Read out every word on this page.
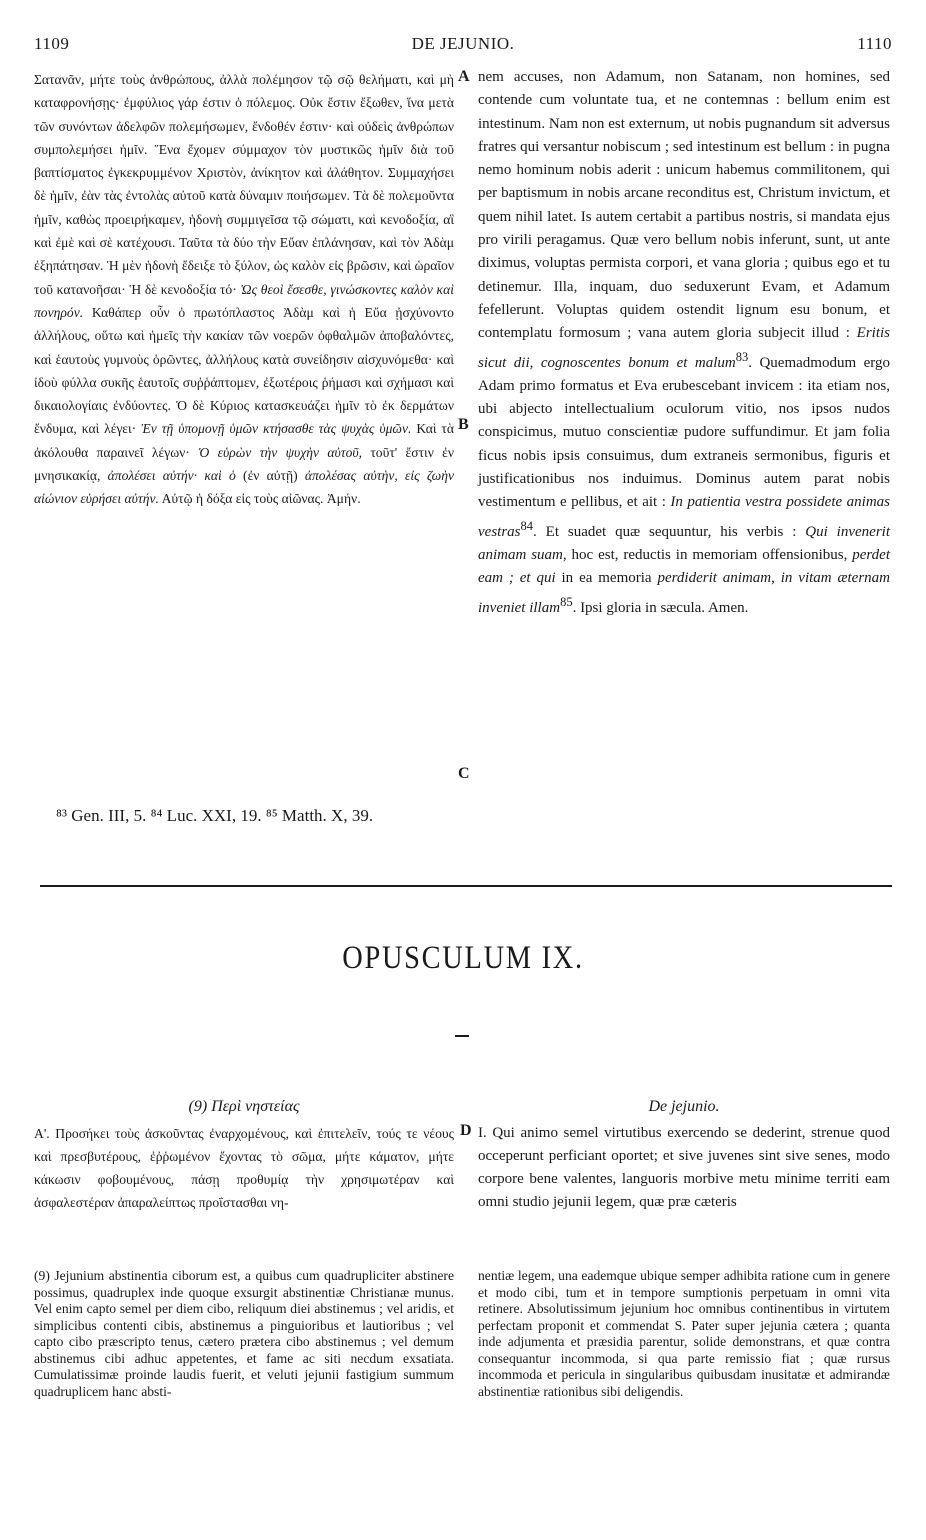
1109	DE JEJUNIO.	1110

Σατανᾶν, μήτε τοὺς ἀνθρώπους, ἀλλὰ πολέμησον τῷ σῷ θελήματι, καὶ μὴ καταφρονήσῃς· ἐμφύλιος γάρ ἐστιν ὁ πόλεμος. Οὐκ ἔστιν ἔξωθεν, ἵνα μετὰ τῶν συνόντων ἀδελφῶν πολεμήσωμεν, ἔνδοθέν ἐστιν· καὶ οὐδεὶς ἀνθρώπων συμπολεμήσει ἡμῖν. Ἕνα ἔχομεν σύμμαχον τὸν μυστικῶς ἡμῖν διὰ τοῦ βαπτίσματος ἐγκεκρυμμένον Χριστὸν, ἀνίκητον καὶ ἀλάθητον. Συμμαχήσει δὲ ἡμῖν, ἐὰν τὰς ἐντολὰς αὐτοῦ κατὰ δύναμιν ποιήσωμεν. Τὰ δὲ πολεμοῦντα ἡμῖν, καθὼς προειρήκαμεν, ἡδονὴ συμμιγεῖσα τῷ σώματι, καὶ κενοδοξία, αἳ καὶ ἐμὲ καὶ σὲ κατέχουσι. Ταῦτα τὰ δύο τὴν Εὔαν ἐπλάνησαν, καὶ τὸν Ἀδὰμ ἐξηπάτησαν. Ἡ μὲν ἡδονὴ ἔδειξε τὸ ξύλον, ὡς καλὸν εἰς βρῶσιν, καὶ ὡραῖον τοῦ κατανοῆσαι· Ἡ δὲ κενοδοξία τό· Ὡς θεοὶ ἔσεσθε, γινώσκοντες καλὸν καὶ πονηρόν. Καθάπερ οὖν ὁ πρωτόπλαστος Ἀδὰμ καὶ ἡ Εὔα ᾐσχύνοντο ἀλλήλους, οὕτω καὶ ἡμεῖς τὴν κακίαν τῶν νοερῶν ὀφθαλμῶν ἀποβαλόντες, καὶ ἑαυτοὺς γυμνοὺς ὁρῶντες, ἀλλήλους κατὰ συνείδησιν αἰσχυνόμεθα· καὶ ἰδοὺ φύλλα συκῆς ἑαυτοῖς συῤῥάπτομεν, ἐξωτέροις ῥήμασι καὶ σχήμασι καὶ δικαιολογίαις ἐνδύοντες. Ὁ δὲ Κύριος κατασκευάζει ἡμῖν τὸ ἐκ δερμάτων ἔνδυμα, καὶ λέγει· Ἐν τῇ ὑπομονῇ ὑμῶν κτήσασθε τὰς ψυχὰς ὑμῶν. Καὶ τὰ ἀκόλουθα παραινεῖ λέγων· Ὁ εὑρὼν τὴν ψυχὴν αὐτοῦ, τοῦτ' ἔστιν ἐν μνησικακίᾳ, ἀπολέσει αὐτήν· καὶ ὁ (ἐν αὐτῇ) ἀπολέσας αὐτὴν, εἰς ζωὴν αἰώνιον εὑρήσει αὐτήν. Αὐτῷ ἡ δόξα εἰς τοὺς αἰῶνας. Ἀμήν.

A
B
C
D

nem accuses, non Adamum, non Satanam, non homines, sed contende cum voluntate tua, et ne contemnas : bellum enim est intestinum. Nam non est externum, ut nobis pugnandum sit adversus fratres qui versantur nobiscum ; sed intestinum est bellum : in pugna nemo hominum nobis aderit : unicum habemus commilitonem, qui per baptismum in nobis arcane reconditus est, Christum invictum, et quem nihil latet. Is autem certabit a partibus nostris, si mandata ejus pro virili peragamus. Quæ vero bellum nobis inferunt, sunt, ut ante diximus, voluptas permista corpori, et vana gloria ; quibus ego et tu detinemur. Illa, inquam, duo seduxerunt Evam, et Adamum fefellerunt. Voluptas quidem ostendit lignum esu bonum, et contemplatu formosum ; vana autem gloria subjecit illud : Eritis sicut dii, cognoscentes bonum et malum$^{83}$. Quemadmodum ergo Adam primo formatus et Eva erubescebant invicem : ita etiam nos, ubi abjecto intellectualium oculorum vitio, nos ipsos nudos conspicimus, mutuo conscientiæ pudore suffundimur. Et jam folia ficus nobis ipsis consuimus, dum extraneis sermonibus, figuris et justificationibus nos induimus. Dominus autem parat nobis vestimentum e pellibus, et ait : In patientia vestra possidete animas vestras$^{84}$. Et suadet quæ sequuntur, his verbis : Qui invenerit animam suam, hoc est, reductis in memoriam offensionibus, perdet eam ; et qui in ea memoria perdiderit animam, in vitam æternam inveniet illam$^{85}$. Ipsi gloria in sæcula. Amen.

⁸³ Gen. III, 5. ⁸⁴ Luc. XXI, 19. ⁸⁵ Matth. X, 39.
OPUSCULUM IX.
(9) Περὶ νηστείας	De jejunio.
Α'. Προσήκει τοὺς ἀσκοῦντας ἐναρχομένους, καὶ ἐπιτελεῖν, τούς τε νέους καὶ πρεσβυτέρους, ἐῤῥωμένον ἔχοντας τὸ σῶμα, μήτε κάματον, μήτε κάκωσιν φοβουμένους, πάσῃ προθυμίᾳ τὴν χρησιμωτέραν καὶ ἀσφαλεστέραν ἀπαραλείπτως προΐστασθαι νη-
I. Qui animo semel virtutibus exercendo se dederint, strenue quod occeperunt perficiant oportet; et sive juvenes sint sive senes, modo corpore bene valentes, languoris morbive metu minime territi eam omni studio jejunii legem, quæ præ cæteris
(9) Jejunium abstinentia ciborum est, a quibus cum quadrupliciter abstinere possimus, quadruplex inde quoque exsurgit abstinentiæ Christianæ munus. Vel enim capto semel per diem cibo, reliquum diei abstinemus ; vel aridis, et simplicibus contenti cibis, abstinemus a pinguioribus et lautioribus ; vel capto cibo præscripto tenus, cætero prætera cibo abstinemus ; vel demum abstinemus cibi adhuc appetentes, et fame ac siti necdum exsatiata. Cumulatissimæ proinde laudis fuerit, et veluti jejunii fastigium summum quadruplicem hanc absti-
nentiæ legem, una eademque ubique semper adhibita ratione cum in genere et modo cibi, tum et in tempore sumptionis perpetuam in omni vita retinere. Absolutissimum jejunium hoc omnibus continentibus in virtutem perfectam proponit et commendat S. Pater super jejunia cætera ; quanta inde adjumenta et præsidia parentur, solide demonstrans, et quæ contra consequantur incommoda, si qua parte remissio fiat ; quæ rursus incommoda et pericula in singularibus quibusdam inusitatæ et admirandæ abstinentiæ rationibus sibi deligendis.
